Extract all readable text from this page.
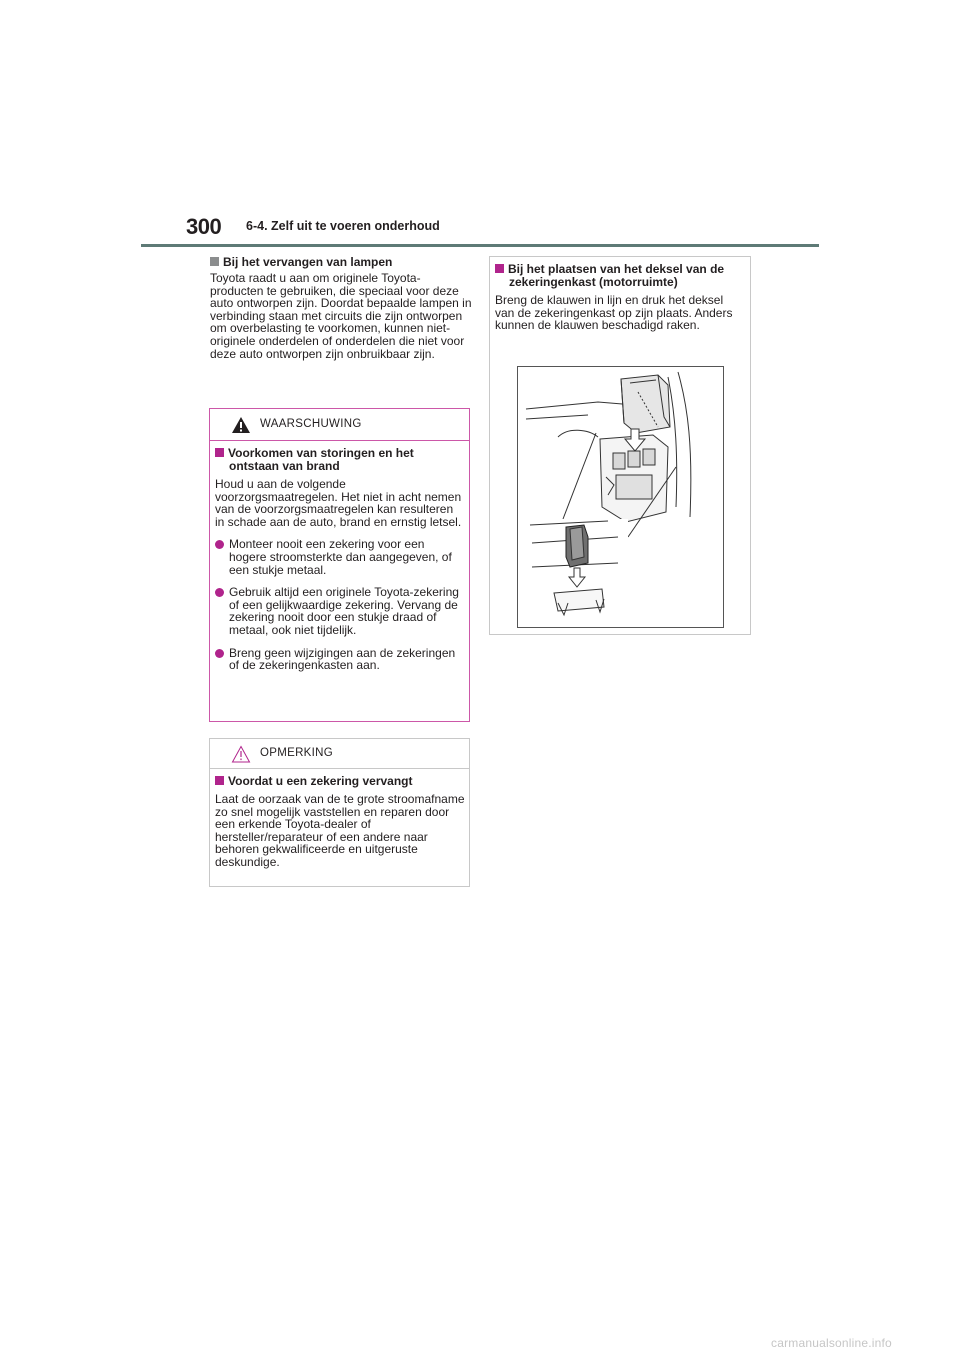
300 6-4. Zelf uit te voeren onderhoud
Bij het vervangen van lampen
Toyota raadt u aan om originele Toyota-producten te gebruiken, die speciaal voor deze auto ontworpen zijn. Doordat bepaalde lampen in verbinding staan met circuits die zijn ontworpen om overbelasting te voorkomen, kunnen niet-originele onderdelen of onderdelen die niet voor deze auto ontworpen zijn onbruikbaar zijn.
WAARSCHUWING
Voorkomen van storingen en het ontstaan van brand
Houd u aan de volgende voorzorgsmaatregelen. Het niet in acht nemen van de voorzorgsmaatregelen kan resulteren in schade aan de auto, brand en ernstig letsel.
Monteer nooit een zekering voor een hogere stroomsterkte dan aangegeven, of een stukje metaal.
Gebruik altijd een originele Toyota-zekering of een gelijkwaardige zekering. Vervang de zekering nooit door een stukje draad of metaal, ook niet tijdelijk.
Breng geen wijzigingen aan de zekeringen of de zekeringenkasten aan.
OPMERKING
Voordat u een zekering vervangt
Laat de oorzaak van de te grote stroomafname zo snel mogelijk vaststellen en reparen door een erkende Toyota-dealer of hersteller/reparateur of een andere naar behoren gekwalificeerde en uitgeruste deskundige.
Bij het plaatsen van het deksel van de zekeringenkast (motorruimte)
Breng de klauwen in lijn en druk het deksel van de zekeringenkast op zijn plaats. Anders kunnen de klauwen beschadigd raken.
carmanualsonline.info
